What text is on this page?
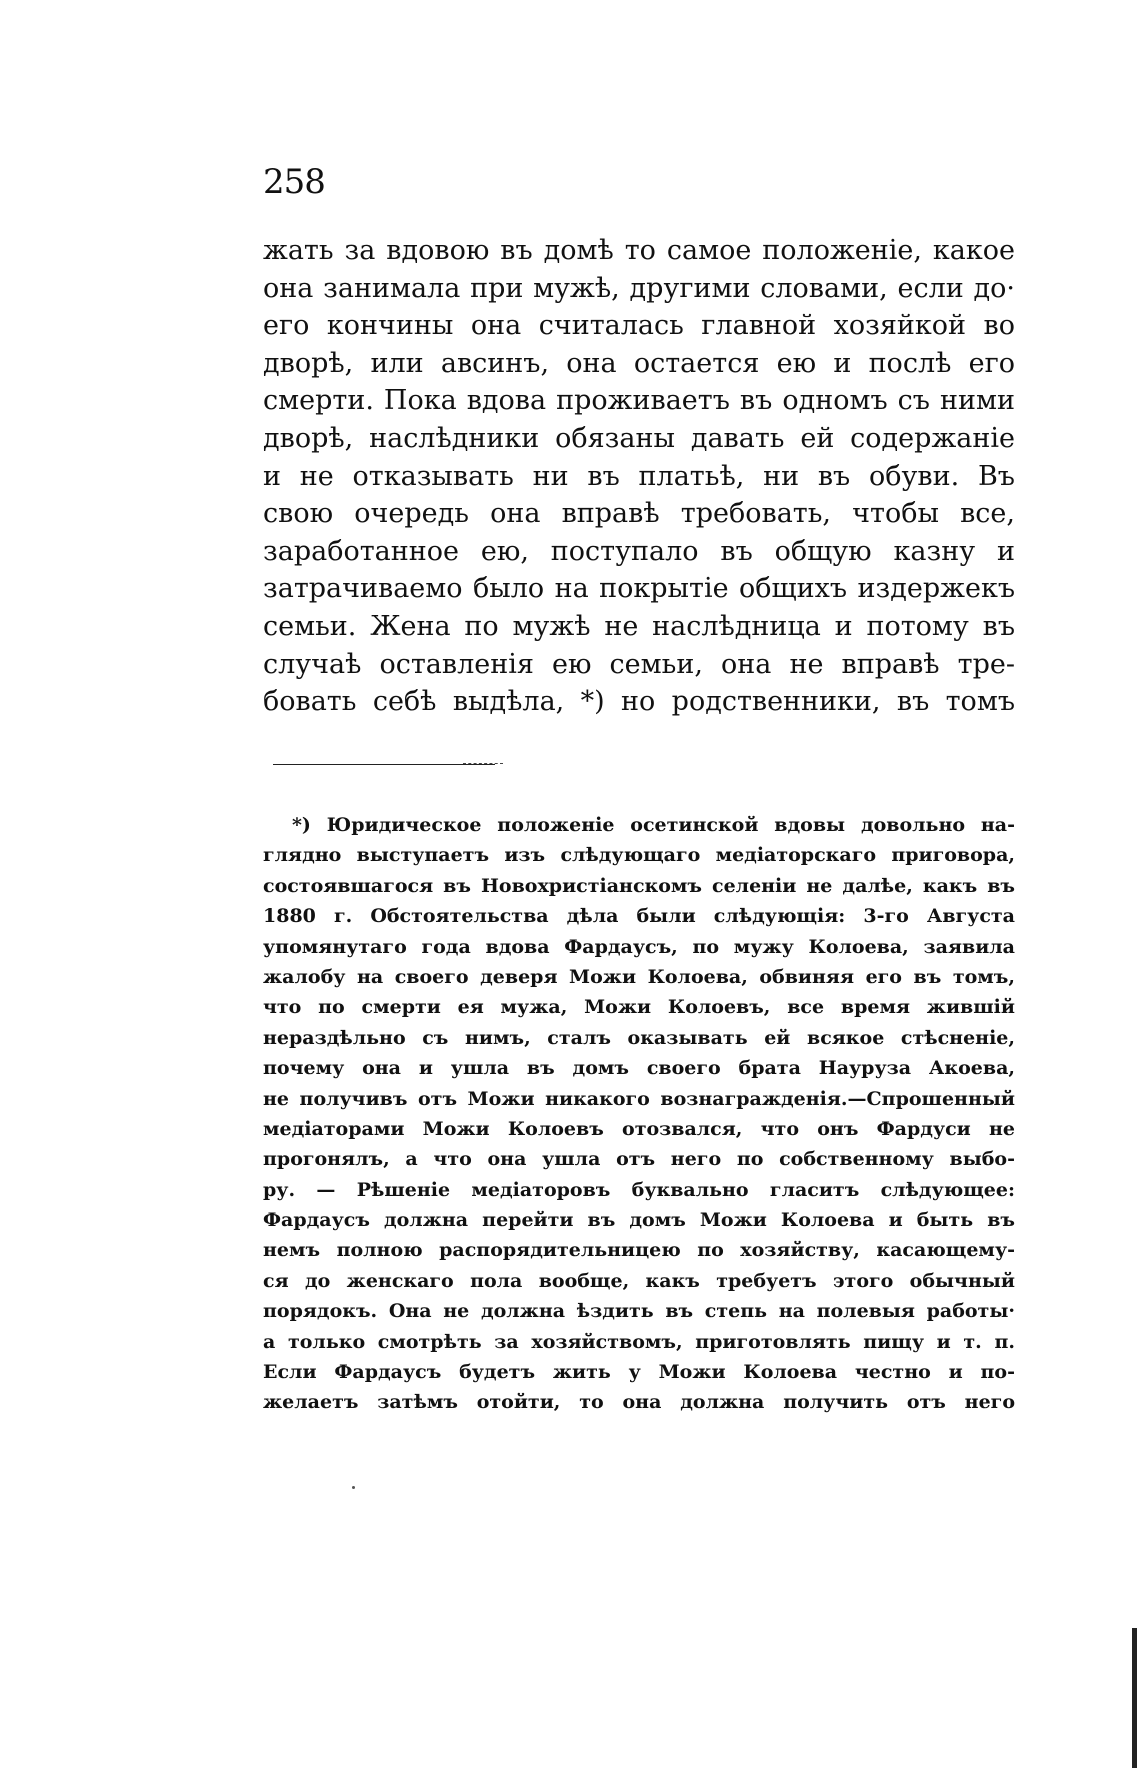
258
жать за вдовою въ домѣ то самое положенiе, какое
она занимала при мужѣ, другими словами, если до·
его кончины она считалась главной хозяйкой во
дворѣ, или авсинъ, она остается ею и послѣ его
смерти. Пока вдова проживаетъ въ одномъ съ ними
дворѣ, наслѣдники обязаны давать ей содержанiе
и не отказывать ни въ платьѣ, ни въ обуви. Въ
свою очередь она вправѣ требовать, чтобы все,
заработанное ею, поступало въ общую казну и
затрачиваемо было на покрытiе общихъ издержекъ
семьи. Жена по мужѣ не наслѣдница и потому въ
случаѣ оставленiя ею семьи, она не вправѣ тре-
бовать себѣ выдѣла, *) но родственники, въ томъ
*) Юридическое положенiе осетинской вдовы довольно на-
глядно выступаетъ изъ слѣдующаго медiаторскаго приговора,
состоявшагося въ Новохристiанскомъ селенiи не далѣе, какъ въ
1880 г. Обстоятельства дѣла были слѣдующiя: 3-го Августа
упомянутаго года вдова Фардаусъ, по мужу Колоева, заявила
жалобу на своего деверя Можи Колоева, обвиняя его въ томъ,
что по смерти ея мужа, Можи Колоевъ, все время жившiй
нераздѣльно съ нимъ, сталъ оказывать ей всякое стѣсненiе,
почему она и ушла въ домъ своего брата Науруза Акоева,
не получивъ отъ Можи никакого вознагражденiя.—Спрошенный
медiаторами Можи Колоевъ отозвался, что онъ Фардуси не
прогонялъ, а что она ушла отъ него по собственному выбо-
ру. — Рѣшенiе медiаторовъ буквально гласитъ слѣдующее:
Фардаусъ должна перейти въ домъ Можи Колоева и быть въ
немъ полною распорядительницею по хозяйству, касающему-
ся до женскаго пола вообще, какъ требуетъ этого обычный
порядокъ. Она не должна ѣздить въ степь на полевыя работы·
а только смотрѣть за хозяйствомъ, приготовлять пищу и т. п.
Если Фардаусъ будетъ жить у Можи Колоева честно и по-
желаетъ затѣмъ отойти, то она должна получить отъ него
